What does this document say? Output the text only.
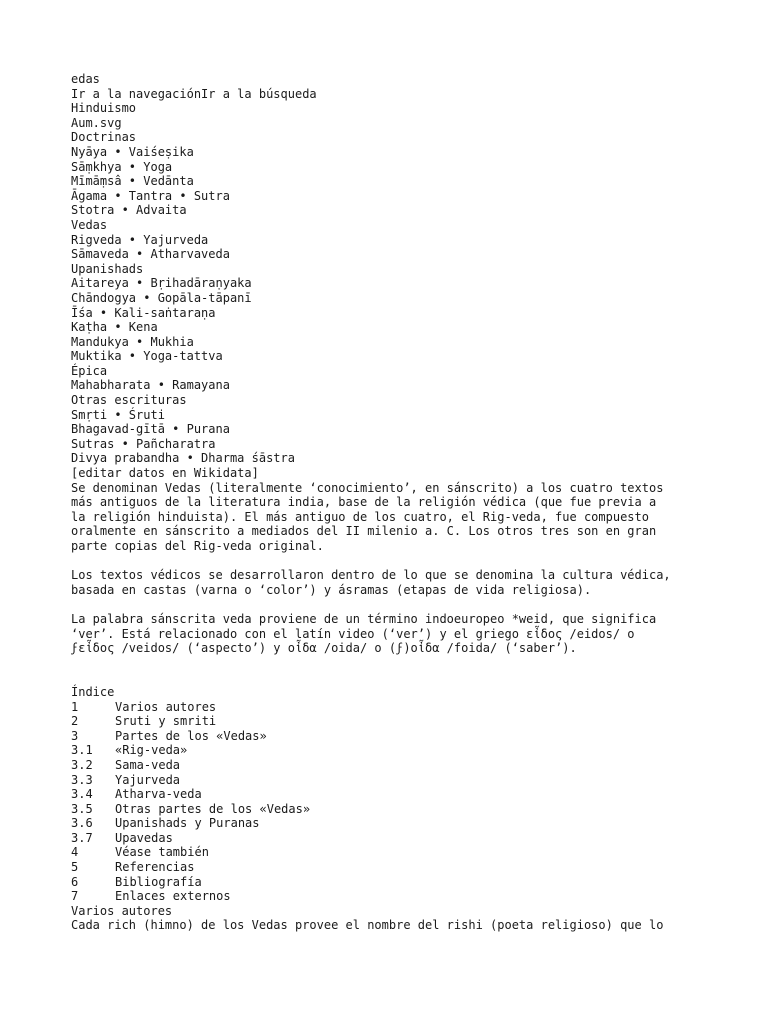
edas
Ir a la navegaciónIr a la búsqueda
Hinduismo
Aum.svg
Doctrinas
Nyāya • Vaiśeṣika
Sāṃkhya • Yoga
Mīmāṃsâ • Vedānta
Āgama • Tantra • Sutra
Stotra • Advaita
Vedas
Rigveda • Yajurveda
Sāmaveda • Atharvaveda
Upanishads
Aitareya • Bṛihadāraṇyaka
Chāndogya • Gopāla-tāpanī
Īśa • Kali-saṅtaraṇa
Kaṭha • Kena
Mandukya • Mukhia
Muktika • Yoga-tattva
Épica
Mahabharata • Ramayana
Otras escrituras
Smṛti • Śruti
Bhagavad-gītā • Purana
Sutras • Pañcharatra
Divya prabandha • Dharma śāstra
[editar datos en Wikidata]
Se denominan Vedas (literalmente ‘conocimiento’, en sánscrito) a los cuatro textos
más antiguos de la literatura india, base de la religión védica (que fue previa a
la religión hinduista). El más antiguo de los cuatro, el Rig-veda, fue compuesto
oralmente en sánscrito a mediados del II milenio a. C. Los otros tres son en gran
parte copias del Rig-veda original.
Los textos védicos se desarrollaron dentro de lo que se denomina la cultura védica,
basada en castas (varna o ‘color’) y ásramas (etapas de vida religiosa).
La palabra sánscrita veda proviene de un término indoeuropeo *weid, que significa
‘ver’. Está relacionado con el latín video (‘ver’) y el griego εἶδος /eidos/ o
ϝεἶδος /veidos/ (‘aspecto’) y οἶδα /oida/ o (ϝ)οἶδα /foida/ (‘saber’).
Índice
1	Varios autores
2	Sruti y smriti
3	Partes de los «Vedas»
3.1 «Rig-veda»
3.2 Sama-veda
3.3 Yajurveda
3.4 Atharva-veda
3.5 Otras partes de los «Vedas»
3.6 Upanishads y Puranas
3.7 Upavedas
4	Véase también
5	Referencias
6	Bibliografía
7	Enlaces externos
Varios autores
Cada rich (himno) de los Vedas provee el nombre del rishi (poeta religioso) que lo
